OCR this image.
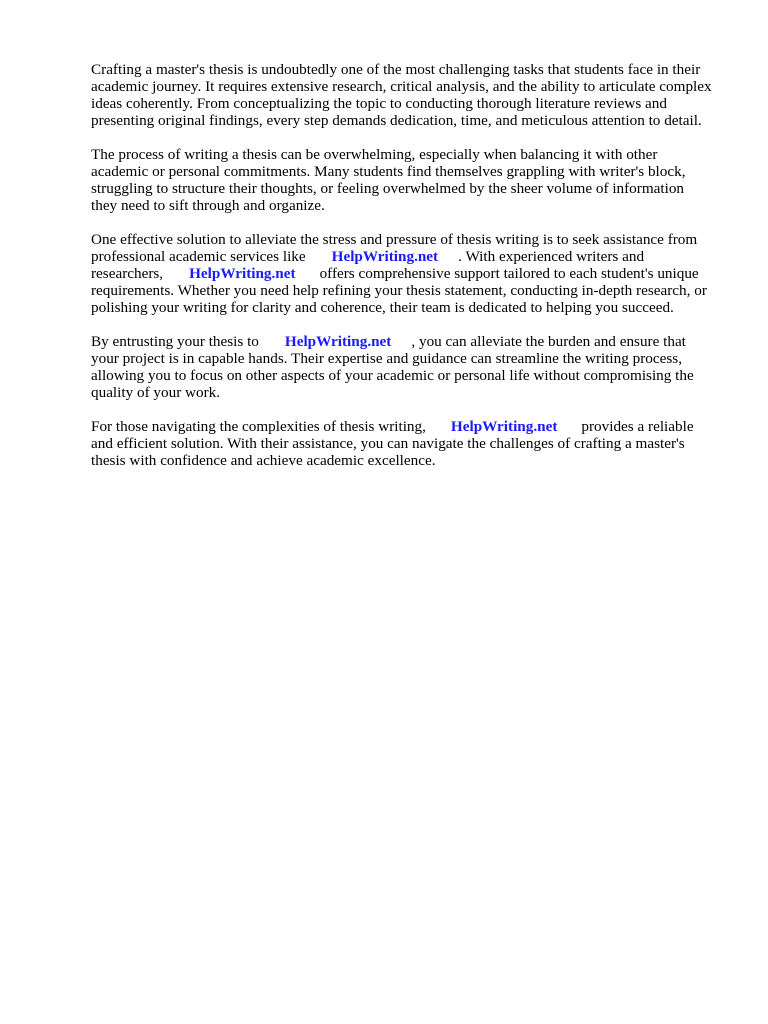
Crafting a master's thesis is undoubtedly one of the most challenging tasks that students face in their
academic journey. It requires extensive research, critical analysis, and the ability to articulate complex
ideas coherently. From conceptualizing the topic to conducting thorough literature reviews and
presenting original findings, every step demands dedication, time, and meticulous attention to detail.

The process of writing a thesis can be overwhelming, especially when balancing it with other
academic or personal commitments. Many students find themselves grappling with writer's block,
struggling to structure their thoughts, or feeling overwhelmed by the sheer volume of information
they need to sift through and organize.

One effective solution to alleviate the stress and pressure of thesis writing is to seek assistance from
professional academic services like HelpWriting.net . With experienced writers and
researchers, HelpWriting.net offers comprehensive support tailored to each student's unique
requirements. Whether you need help refining your thesis statement, conducting in-depth research, or
polishing your writing for clarity and coherence, their team is dedicated to helping you succeed.

By entrusting your thesis to HelpWriting.net , you can alleviate the burden and ensure that
your project is in capable hands. Their expertise and guidance can streamline the writing process,
allowing you to focus on other aspects of your academic or personal life without compromising the
quality of your work.

For those navigating the complexities of thesis writing, HelpWriting.net provides a reliable
and efficient solution. With their assistance, you can navigate the challenges of crafting a master's
thesis with confidence and achieve academic excellence.
